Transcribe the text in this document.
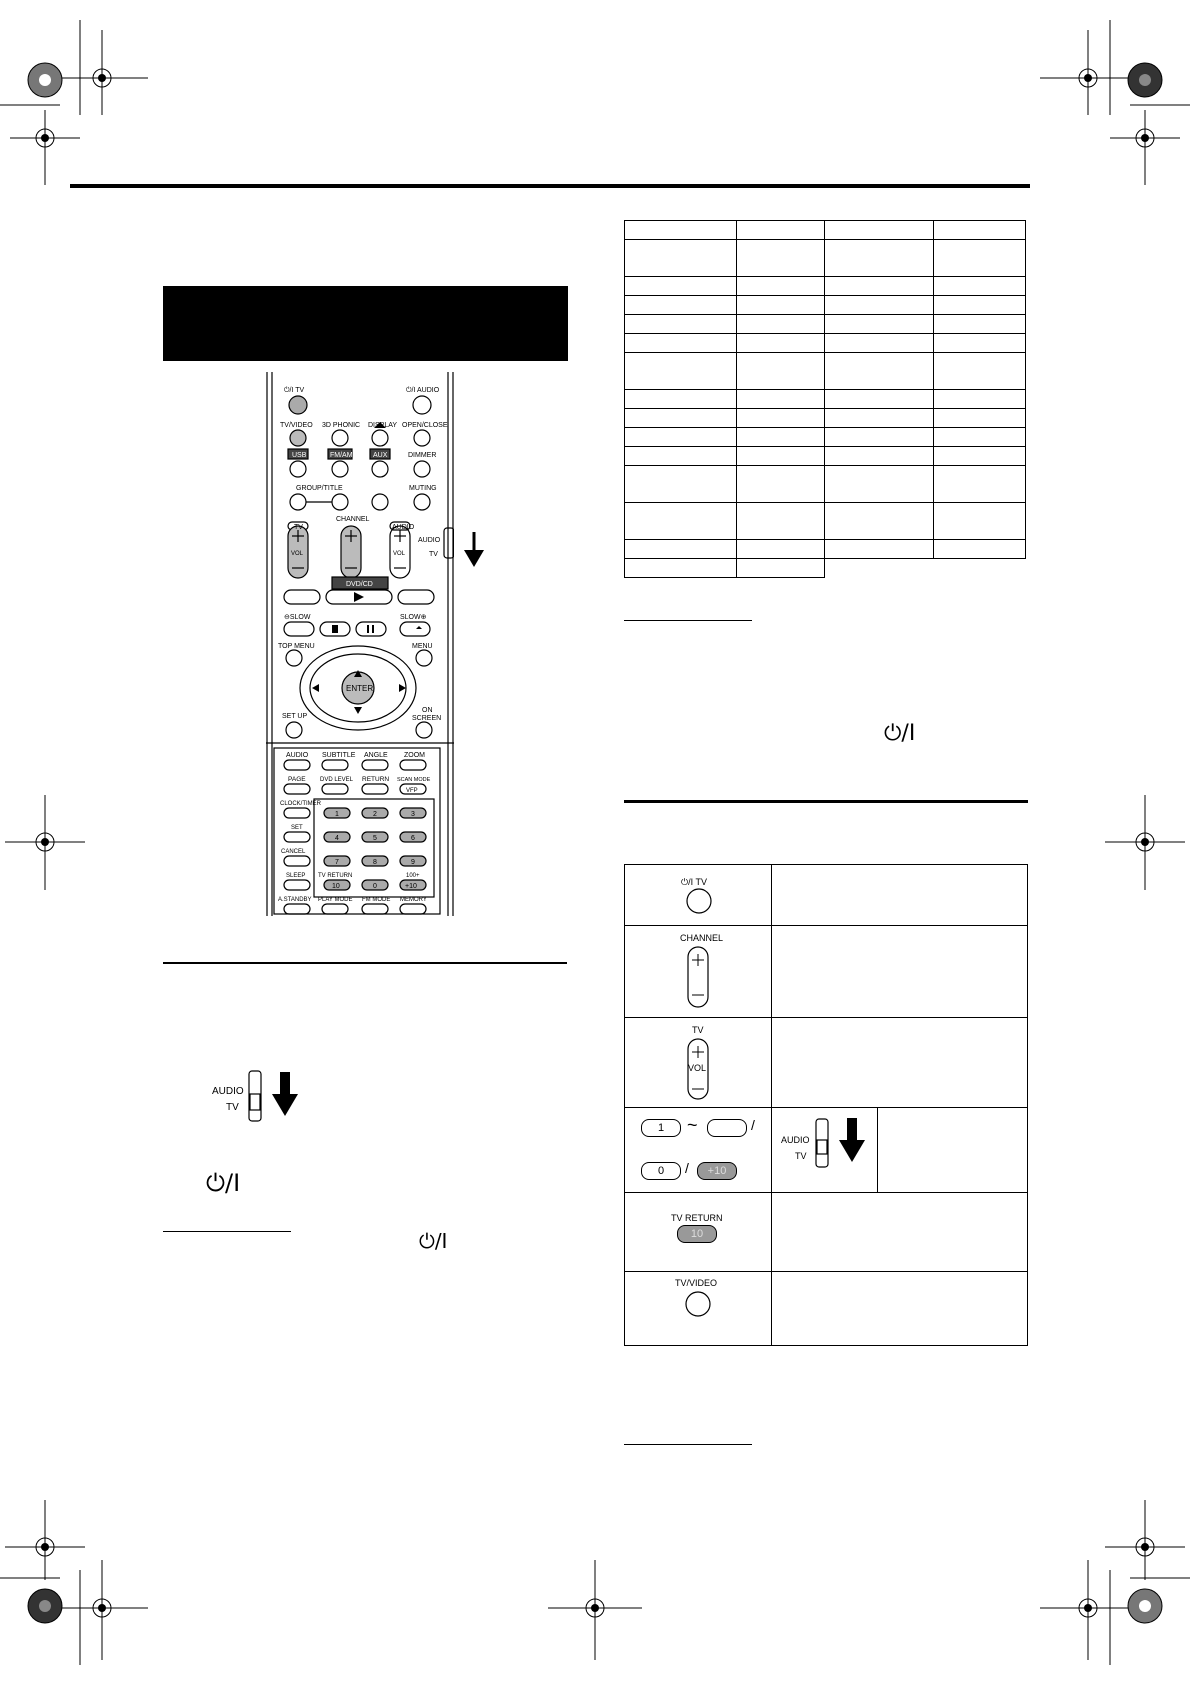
⏻/I TV	⏻/I AUDIO
TV/VIDEO 3D PHONIC DISPLAY OPEN/CLOSE
USB	FM/AM	AUX	DIMMER
GROUP/TITLE	MUTING
TV
CHANNEL
AUDIO
VOL	VOL
AUDIO
TV
DVD/CD
⊖SLOW	SLOW⊕
TOP MENU	MENU
ENTER
SET UP
ON
SCREEN
AUDIO SUBTITLE ANGLE ZOOM
PAGE DVD LEVEL RETURN SCAN MODE
VFP
CLOCK/TIMER
SET
CANCEL
SLEEP TV RETURN	100+
A.STANDBY PLAY MODE FM MODE MEMORY
1	2	3
4	5	6
7	8	9
10	0	+10
AUDIO
TV
⏻/I
⏻/I

⏻/I
⏻/I TV
CHANNEL
TV
VOL
1	~	/
0	/	+10
AUDIO
TV
TV RETURN
10
TV/VIDEO
